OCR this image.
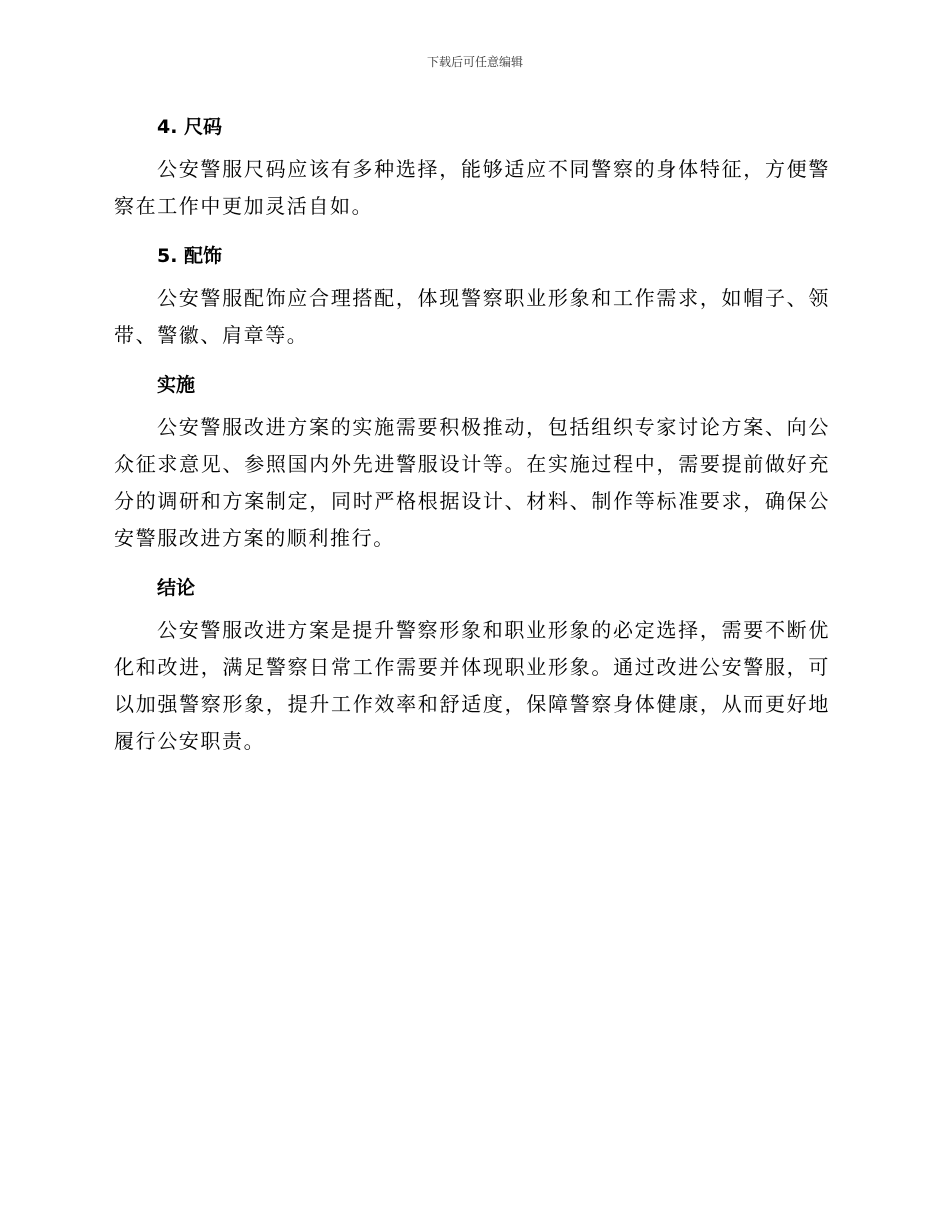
下载后可任意编辑
4. 尺码

公安警服尺码应该有多种选择，能够适应不同警察的身体特征，方便警察在工作中更加灵活自如。

5. 配饰

公安警服配饰应合理搭配，体现警察职业形象和工作需求，如帽子、领带、警徽、肩章等。

实施

公安警服改进方案的实施需要积极推动，包括组织专家讨论方案、向公众征求意见、参照国内外先进警服设计等。在实施过程中，需要提前做好充分的调研和方案制定，同时严格根据设计、材料、制作等标准要求，确保公安警服改进方案的顺利推行。

结论

公安警服改进方案是提升警察形象和职业形象的必定选择，需要不断优化和改进，满足警察日常工作需要并体现职业形象。通过改进公安警服，可以加强警察形象，提升工作效率和舒适度，保障警察身体健康，从而更好地履行公安职责。
